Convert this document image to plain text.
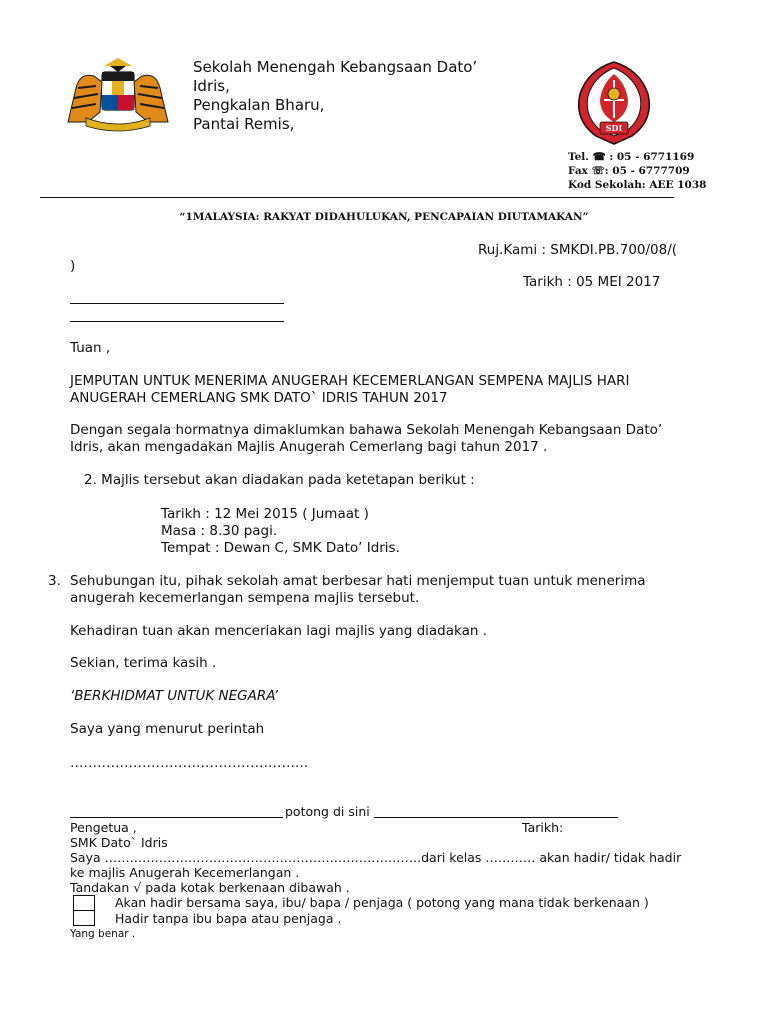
Sekolah Menengah Kebangsaan Dato’
Idris,
Pengkalan Bharu,
Pantai Remis,	SDI
Tel. ☎ : 05 - 6771169
Fax ☏: 05 - 6777709
Kod Sekolah: AEE 1038
“1MALAYSIA: RAKYAT DIDAHULUKAN, PENCAPAIAN DIUTAMAKAN”
Ruj.Kami : SMKDI.PB.700/08/(
)
Tarikh : 05 MEI 2017
Tuan ,
JEMPUTAN UNTUK MENERIMA ANUGERAH KECEMERLANGAN SEMPENA MAJLIS HARI
ANUGERAH CEMERLANG SMK DATO` IDRIS TAHUN 2017
Dengan segala hormatnya dimaklumkan bahawa Sekolah Menengah Kebangsaan Dato’
Idris, akan mengadakan Majlis Anugerah Cemerlang bagi tahun 2017 .
2. Majlis tersebut akan diadakan pada ketetapan berikut :
Tarikh : 12 Mei 2015 ( Jumaat )
Masa : 8.30 pagi.
Tempat : Dewan C, SMK Dato’ Idris.
3. Sehubungan itu, pihak sekolah amat berbesar hati menjemput tuan untuk menerima
anugerah kecemerlangan sempena majlis tersebut.
Kehadiran tuan akan menceriakan lagi majlis yang diadakan .
Sekian, terima kasih .
‘BERKHIDMAT UNTUK NEGARA’
Saya yang menurut perintah
……………………………………………..
potong di sini
Pengetua ,	Tarikh:
SMK Dato` Idris
Saya ………………………………………………………………….dari kelas ………… akan hadir/ tidak hadir
ke majlis Anugerah Kecemerlangan .
Tandakan √ pada kotak berkenaan dibawah .
Akan hadir bersama saya, ibu/ bapa / penjaga ( potong yang mana tidak berkenaan )
Hadir tanpa ibu bapa atau penjaga .
Yang benar .
